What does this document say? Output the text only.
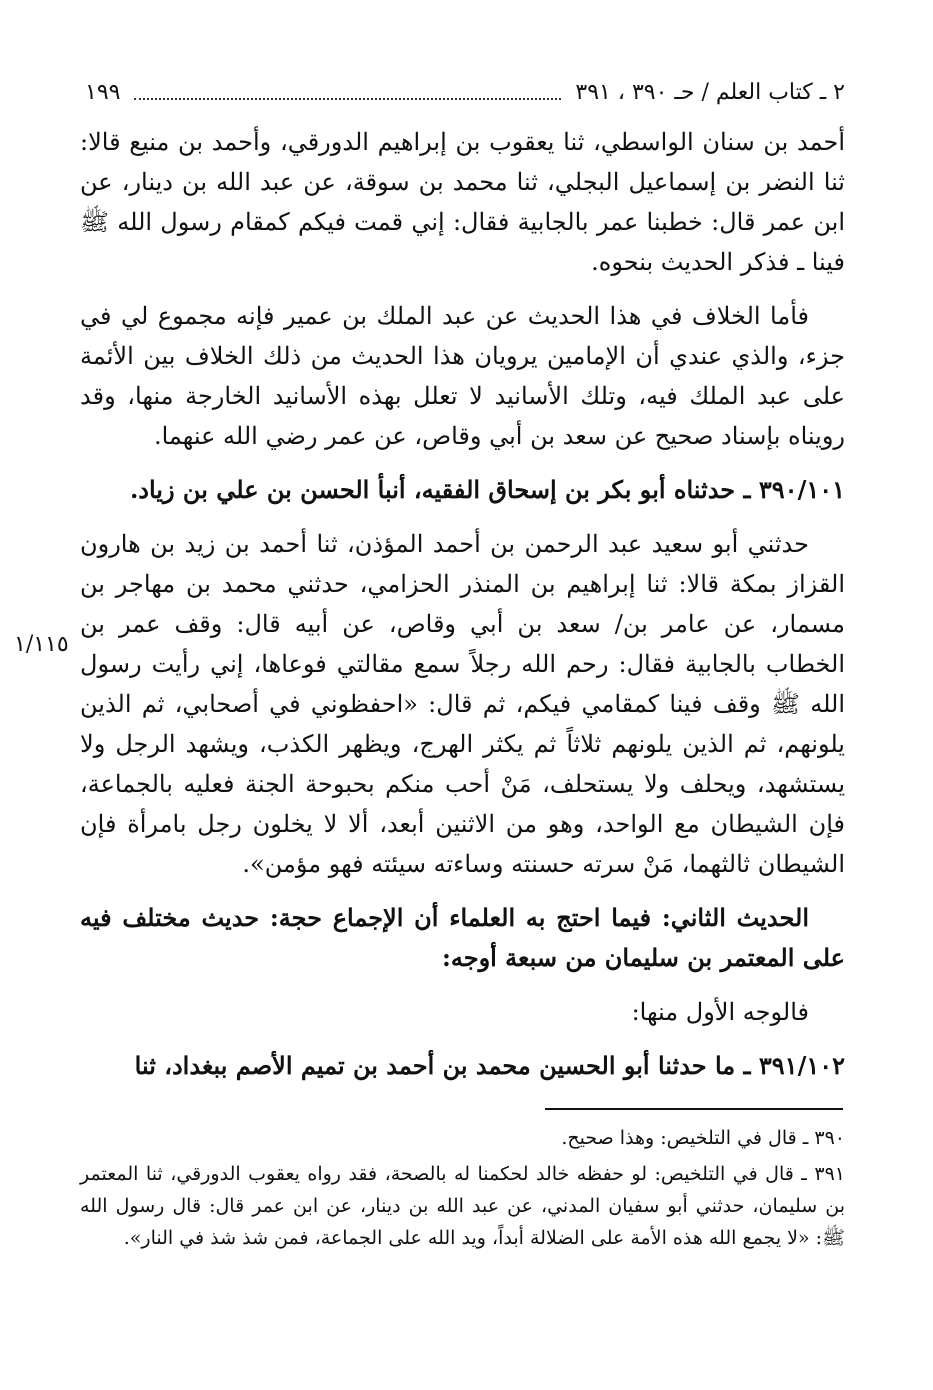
٢ ـ كتاب العلم / حـ ٣٩٠ ، ٣٩١
١٩٩
١/١١٥

أحمد بن سنان الواسطي، ثنا يعقوب بن إبراهيم الدورقي، وأحمد بن منيع قالا: ثنا النضر بن إسماعيل البجلي، ثنا محمد بن سوقة، عن عبد الله بن دينار، عن ابن عمر قال: خطبنا عمر بالجابية فقال: إني قمت فيكم كمقام رسول الله ﷺ فينا ـ فذكر الحديث بنحوه.

فأما الخلاف في هذا الحديث عن عبد الملك بن عمير فإنه مجموع لي في جزء، والذي عندي أن الإمامين يرويان هذا الحديث من ذلك الخلاف بين الأئمة على عبد الملك فيه، وتلك الأسانيد لا تعلل بهذه الأسانيد الخارجة منها، وقد رويناه بإسناد صحيح عن سعد بن أبي وقاص، عن عمر رضي الله عنهما.

٣٩٠/١٠١ ـ حدثناه أبو بكر بن إسحاق الفقيه، أنبأ الحسن بن علي بن زياد.

حدثني أبو سعيد عبد الرحمن بن أحمد المؤذن، ثنا أحمد بن زيد بن هارون القزاز بمكة قالا: ثنا إبراهيم بن المنذر الحزامي، حدثني محمد بن مهاجر بن مسمار، عن عامر بن/ سعد بن أبي وقاص، عن أبيه قال: وقف عمر بن الخطاب بالجابية فقال: رحم الله رجلاً سمع مقالتي فوعاها، إني رأيت رسول الله ﷺ وقف فينا كمقامي فيكم، ثم قال: «احفظوني في أصحابي، ثم الذين يلونهم، ثم الذين يلونهم ثلاثاً ثم يكثر الهرج، ويظهر الكذب، ويشهد الرجل ولا يستشهد، ويحلف ولا يستحلف، مَنْ أحب منكم بحبوحة الجنة فعليه بالجماعة، فإن الشيطان مع الواحد، وهو من الاثنين أبعد، ألا لا يخلون رجل بامرأة فإن الشيطان ثالثهما، مَنْ سرته حسنته وساءته سيئته فهو مؤمن».

الحديث الثاني: فيما احتج به العلماء أن الإجماع حجة: حديث مختلف فيه على المعتمر بن سليمان من سبعة أوجه:

فالوجه الأول منها:

٣٩١/١٠٢ ـ ما حدثنا أبو الحسين محمد بن أحمد بن تميم الأصم ببغداد، ثنا

٣٩٠ ـ قال في التلخيص: وهذا صحيح.

٣٩١ ـ قال في التلخيص: لو حفظه خالد لحكمنا له بالصحة، فقد رواه يعقوب الدورقي، ثنا المعتمر بن سليمان، حدثني أبو سفيان المدني، عن عبد الله بن دينار، عن ابن عمر قال: قال رسول الله ﷺ: «لا يجمع الله هذه الأمة على الضلالة أبداً، ويد الله على الجماعة، فمن شذ شذ في النار».
